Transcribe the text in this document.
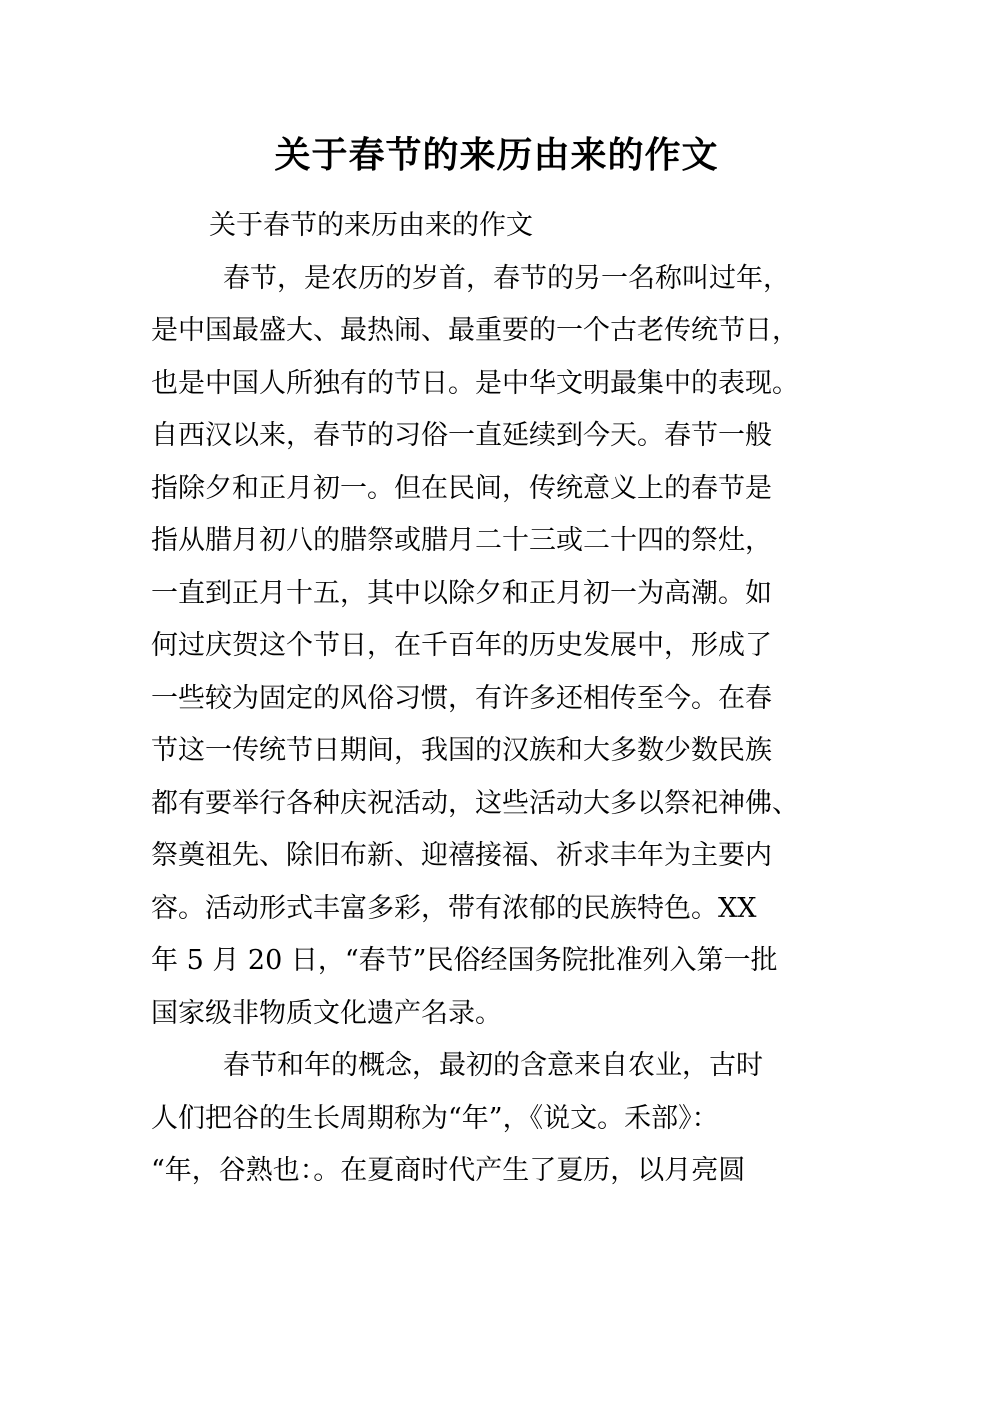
关于春节的来历由来的作文
关于春节的来历由来的作文
春节，是农历的岁首，春节的另一名称叫过年，
是中国最盛大、最热闹、最重要的一个古老传统节日，
也是中国人所独有的节日。是中华文明最集中的表现。
自西汉以来，春节的习俗一直延续到今天。春节一般
指除夕和正月初一。但在民间，传统意义上的春节是
指从腊月初八的腊祭或腊月二十三或二十四的祭灶，
一直到正月十五，其中以除夕和正月初一为高潮。如
何过庆贺这个节日，在千百年的历史发展中，形成了
一些较为固定的风俗习惯，有许多还相传至今。在春
节这一传统节日期间，我国的汉族和大多数少数民族
都有要举行各种庆祝活动，这些活动大多以祭祀神佛、
祭奠祖先、除旧布新、迎禧接福、祈求丰年为主要内
容。活动形式丰富多彩，带有浓郁的民族特色。XX
年 5 月 20 日，“春节”民俗经国务院批准列入第一批
国家级非物质文化遗产名录。
春节和年的概念，最初的含意来自农业，古时
人们把谷的生长周期称为“年”，《说文。禾部》：
“年，谷熟也：。在夏商时代产生了夏历，以月亮圆
